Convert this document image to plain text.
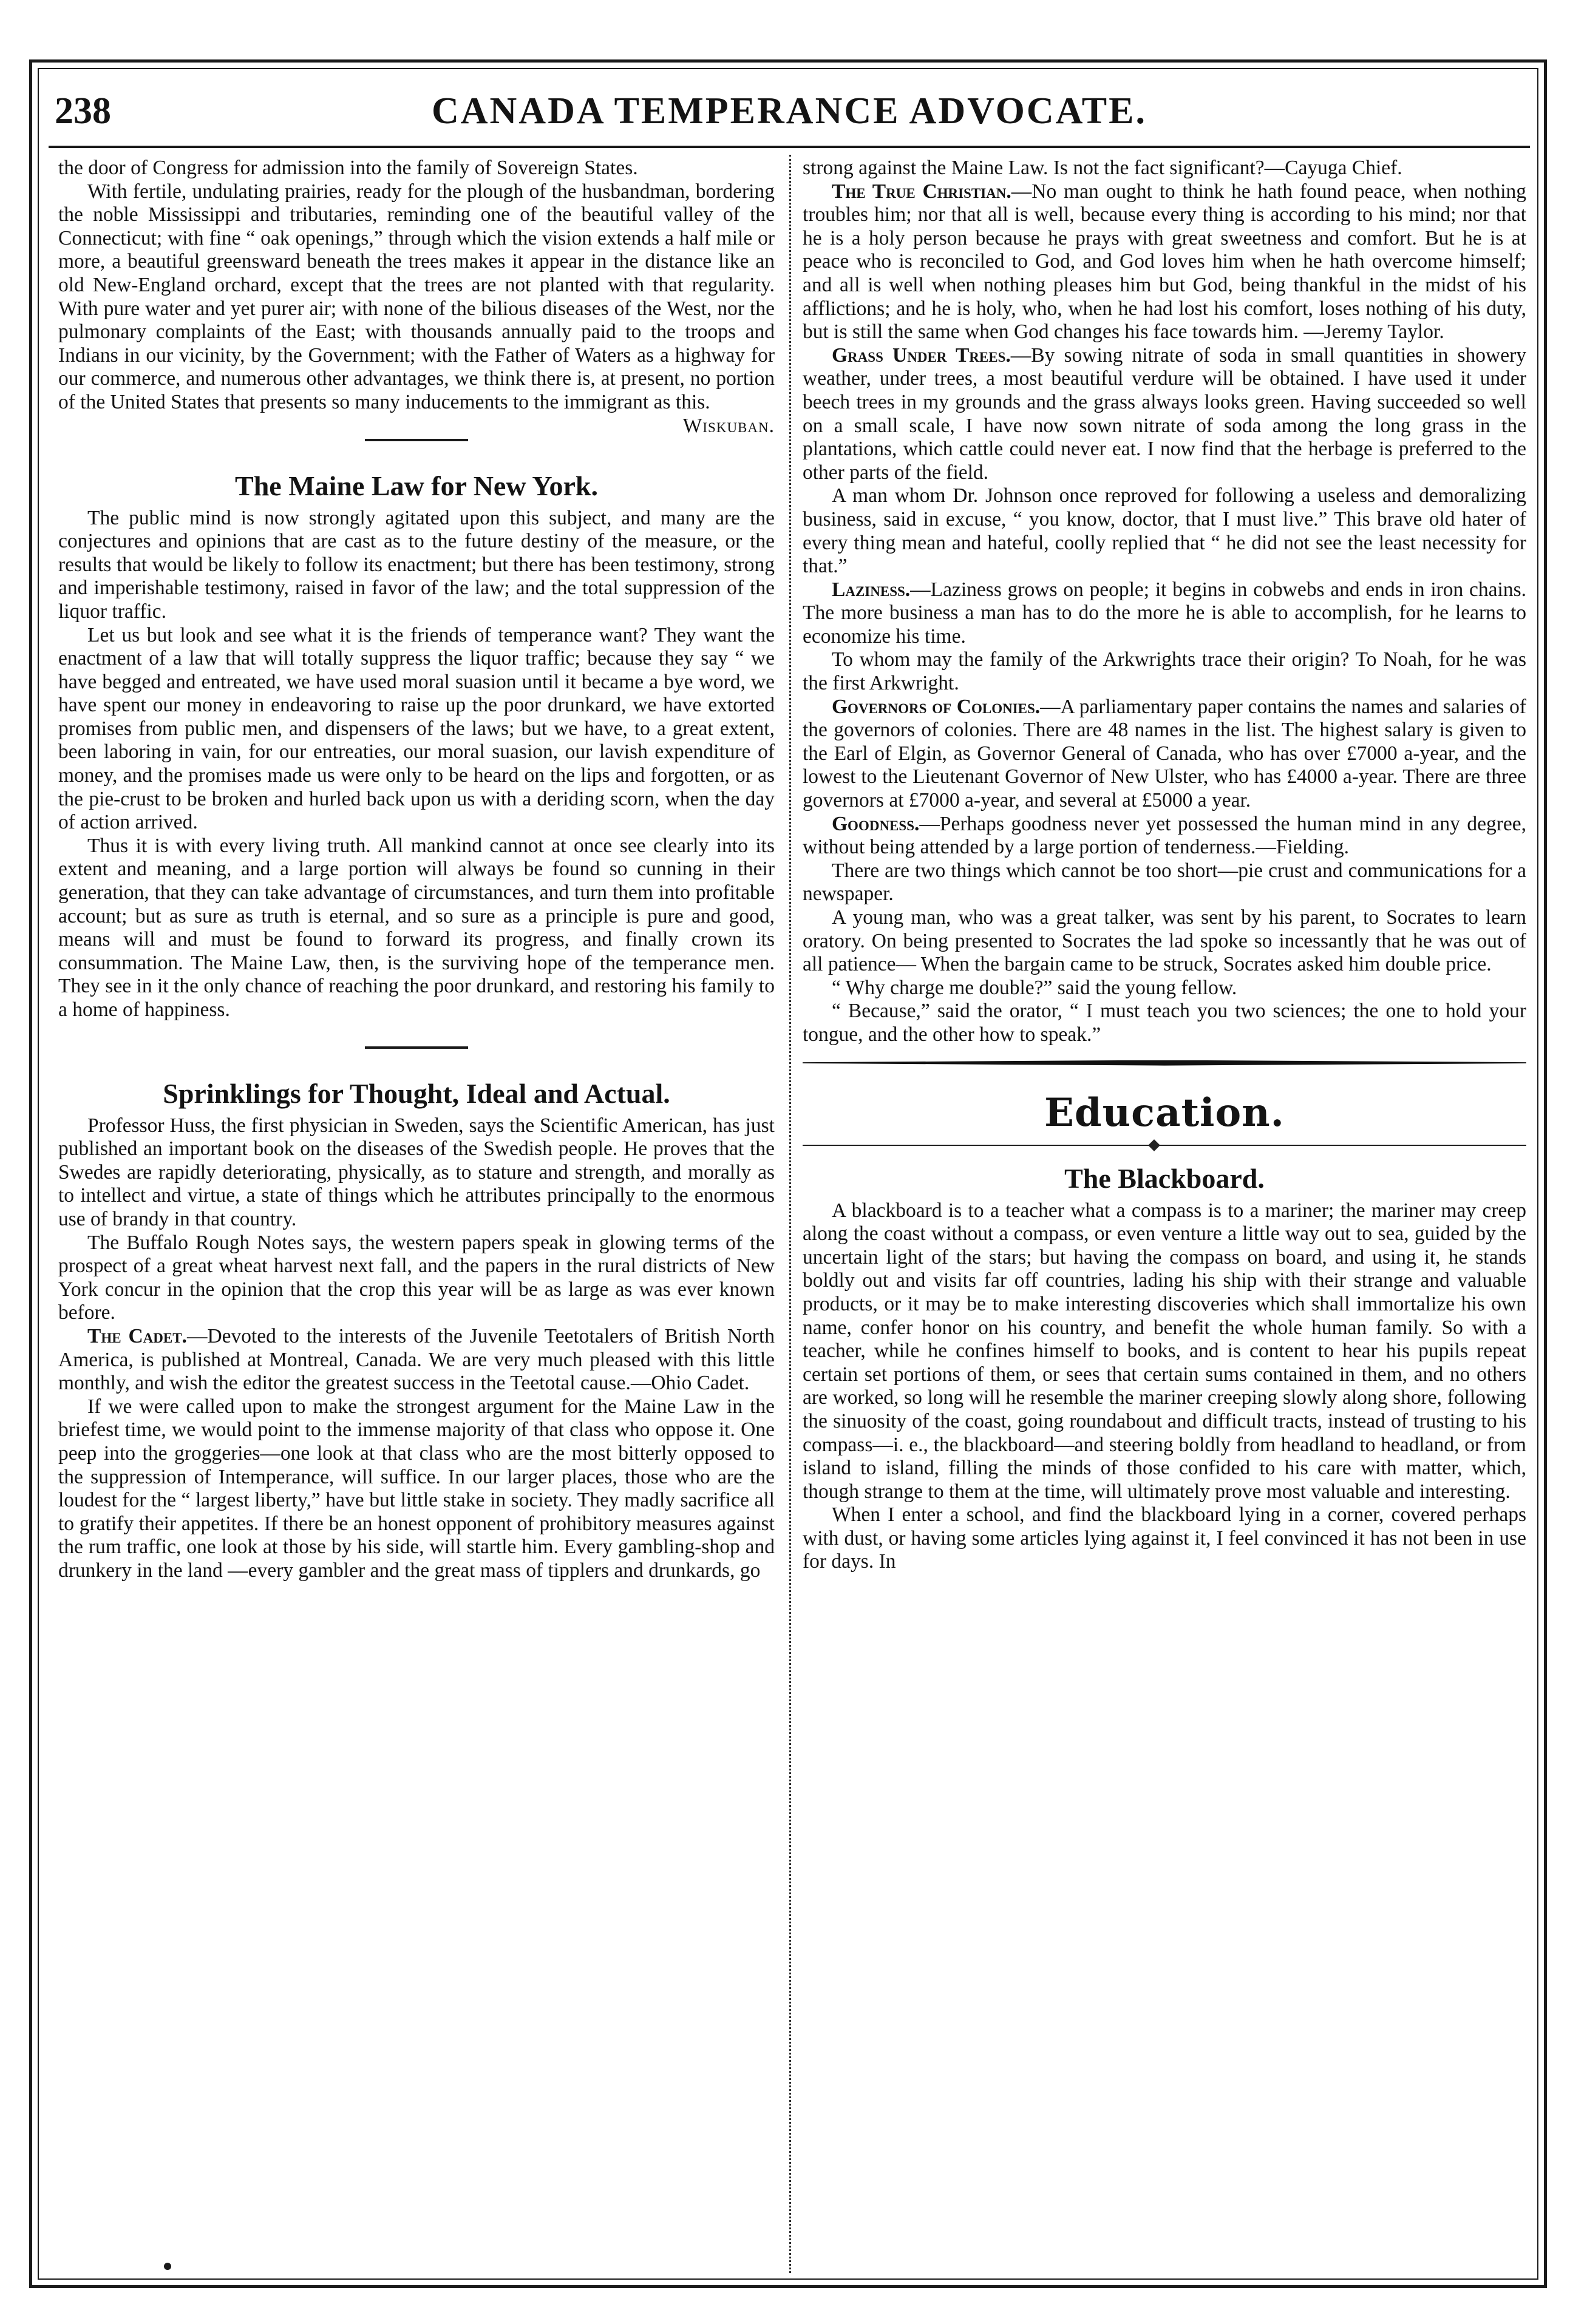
238	CANADA TEMPERANCE ADVOCATE.

the door of Congress for admission into the family of Sovereign States.

With fertile, undulating prairies, ready for the plough of the husbandman, bordering the noble Mississippi and tributaries, reminding one of the beautiful valley of the Connecticut; with fine “ oak openings,” through which the vision extends a half mile or more, a beautiful greensward beneath the trees makes it appear in the distance like an old New-England orchard, except that the trees are not planted with that regularity. With pure water and yet purer air; with none of the bilious diseases of the West, nor the pulmonary complaints of the East; with thousands annually paid to the troops and Indians in our vicinity, by the Government; with the Father of Waters as a highway for our commerce, and numerous other advantages, we think there is, at present, no portion of the United States that presents so many inducements to the immigrant as this.
Wiskuban.

The Maine Law for New York.

The public mind is now strongly agitated upon this subject, and many are the conjectures and opinions that are cast as to the future destiny of the measure, or the results that would be likely to follow its enactment; but there has been testimony, strong and imperishable testimony, raised in favor of the law; and the total suppression of the liquor traffic.

Let us but look and see what it is the friends of temperance want? They want the enactment of a law that will totally suppress the liquor traffic; because they say “ we have begged and entreated, we have used moral suasion until it became a bye word, we have spent our money in endeavoring to raise up the poor drunkard, we have extorted promises from public men, and dispensers of the laws; but we have, to a great extent, been laboring in vain, for our entreaties, our moral suasion, our lavish expenditure of money, and the promises made us were only to be heard on the lips and forgotten, or as the pie-crust to be broken and hurled back upon us with a deriding scorn, when the day of action arrived.

Thus it is with every living truth. All mankind cannot at once see clearly into its extent and meaning, and a large portion will always be found so cunning in their generation, that they can take advantage of circumstances, and turn them into profitable account; but as sure as truth is eternal, and so sure as a principle is pure and good, means will and must be found to forward its progress, and finally crown its consummation. The Maine Law, then, is the surviving hope of the temperance men. They see in it the only chance of reaching the poor drunkard, and restoring his family to a home of happiness.

Sprinklings for Thought, Ideal and Actual.

Professor Huss, the first physician in Sweden, says the Scientific American, has just published an important book on the diseases of the Swedish people. He proves that the Swedes are rapidly deteriorating, physically, as to stature and strength, and morally as to intellect and virtue, a state of things which he attributes principally to the enormous use of brandy in that country.

The Buffalo Rough Notes says, the western papers speak in glowing terms of the prospect of a great wheat harvest next fall, and the papers in the rural districts of New York concur in the opinion that the crop this year will be as large as was ever known before.

The Cadet.—Devoted to the interests of the Juvenile Teetotalers of British North America, is published at Montreal, Canada. We are very much pleased with this little monthly, and wish the editor the greatest success in the Teetotal cause.—Ohio Cadet.

If we were called upon to make the strongest argument for the Maine Law in the briefest time, we would point to the immense majority of that class who oppose it. One peep into the groggeries—one look at that class who are the most bitterly opposed to the suppression of Intemperance, will suffice. In our larger places, those who are the loudest for the “ largest liberty,” have but little stake in society. They madly sacrifice all to gratify their appetites. If there be an honest opponent of prohibitory measures against the rum traffic, one look at those by his side, will startle him. Every gambling-shop and drunkery in the land —every gambler and the great mass of tipplers and drunkards, go

strong against the Maine Law. Is not the fact significant?—Cayuga Chief.

The True Christian.—No man ought to think he hath found peace, when nothing troubles him; nor that all is well, because every thing is according to his mind; nor that he is a holy person because he prays with great sweetness and comfort. But he is at peace who is reconciled to God, and God loves him when he hath overcome himself; and all is well when nothing pleases him but God, being thankful in the midst of his afflictions; and he is holy, who, when he had lost his comfort, loses nothing of his duty, but is still the same when God changes his face towards him. —Jeremy Taylor.

Grass Under Trees.—By sowing nitrate of soda in small quantities in showery weather, under trees, a most beautiful verdure will be obtained. I have used it under beech trees in my grounds and the grass always looks green. Having succeeded so well on a small scale, I have now sown nitrate of soda among the long grass in the plantations, which cattle could never eat. I now find that the herbage is preferred to the other parts of the field.

A man whom Dr. Johnson once reproved for following a useless and demoralizing business, said in excuse, “ you know, doctor, that I must live.” This brave old hater of every thing mean and hateful, coolly replied that “ he did not see the least necessity for that.”

Laziness.—Laziness grows on people; it begins in cobwebs and ends in iron chains. The more business a man has to do the more he is able to accomplish, for he learns to economize his time.

To whom may the family of the Arkwrights trace their origin? To Noah, for he was the first Arkwright.

Governors of Colonies.—A parliamentary paper contains the names and salaries of the governors of colonies. There are 48 names in the list. The highest salary is given to the Earl of Elgin, as Governor General of Canada, who has over £7000 a-year, and the lowest to the Lieutenant Governor of New Ulster, who has £4000 a-year. There are three governors at £7000 a-year, and several at £5000 a year.

Goodness.—Perhaps goodness never yet possessed the human mind in any degree, without being attended by a large portion of tenderness.—Fielding.

There are two things which cannot be too short—pie crust and communications for a newspaper.

A young man, who was a great talker, was sent by his parent, to Socrates to learn oratory. On being presented to Socrates the lad spoke so incessantly that he was out of all patience— When the bargain came to be struck, Socrates asked him double price.

“ Why charge me double?” said the young fellow.

“ Because,” said the orator, “ I must teach you two sciences; the one to hold your tongue, and the other how to speak.”

Education.
The Blackboard.

A blackboard is to a teacher what a compass is to a mariner; the mariner may creep along the coast without a compass, or even venture a little way out to sea, guided by the uncertain light of the stars; but having the compass on board, and using it, he stands boldly out and visits far off countries, lading his ship with their strange and valuable products, or it may be to make interesting discoveries which shall immortalize his own name, confer honor on his country, and benefit the whole human family. So with a teacher, while he confines himself to books, and is content to hear his pupils repeat certain set portions of them, or sees that certain sums contained in them, and no others are worked, so long will he resemble the mariner creeping slowly along shore, following the sinuosity of the coast, going roundabout and difficult tracts, instead of trusting to his compass—i. e., the blackboard—and steering boldly from headland to headland, or from island to island, filling the minds of those confided to his care with matter, which, though strange to them at the time, will ultimately prove most valuable and interesting.

When I enter a school, and find the blackboard lying in a corner, covered perhaps with dust, or having some articles lying against it, I feel convinced it has not been in use for days. In
